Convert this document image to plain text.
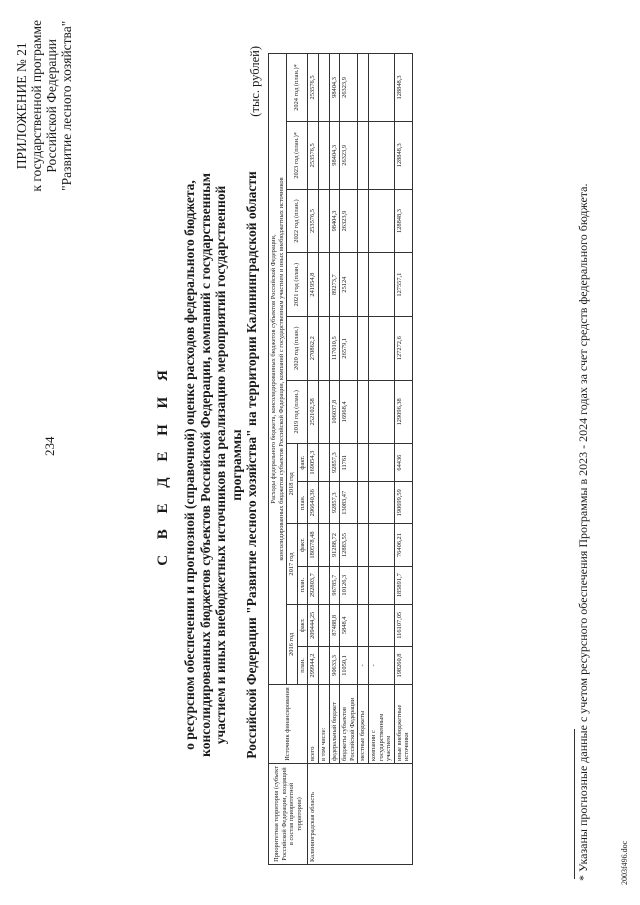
234
ПРИЛОЖЕНИЕ № 21 к государственной программе Российской Федерации "Развитие лесного хозяйства"
С В Е Д Е Н И Я о ресурсном обеспечении и прогнозной (справочной) оценке расходов федерального бюджета, консолидированных бюджетов субъектов Российской Федерации, компаний с государственным участием и иных внебюджетных источников на реализацию мероприятий государственной программы Российской Федерации "Развитие лесного хозяйства" на территории Калининградской области
(тыс. рублей)
Приоритетная территория (субъект Российской Федерации, входящий в состав приоритетной территории)	Источник финансирования	Расходы федерального бюджета, консолидированных бюджетов субъектов Российской Федерации,
консолидированных бюджетов субъектов Российской Федерации, компаний с государственным участием и иных внебюджетных источников											
		2016 год		2017 год		2018 год		2019 год (план.)	2020 год (план.)	2021 год (план.)	2022 год (план.)	2023 год (план.)*	2024 год (план.)*
		план.	факт.	план.	факт.	план.	факт.						
Калининградская область	всего	299944,2	209444,25	292803,7	180578,48	296640,36	169054,3	252102,58	270862,2	241954,8	253576,5	253576,5	253576,5
	в том числе:												
	федеральный бюджет	90633,3	87488,8	96785,7	91288,72	92857,3	92857,3	106037,8	117010,5	89273,7	98404,3	98404,3	98404,3
	бюджеты субъектов Российской Федерации	11050,1	5848,4	10126,3	12883,55	13083,47	11761	16968,4	26579,1	25124	26323,9	26323,9	26323,9
	местные бюджеты	-											
	компании с государственным участием	-											
	иные внебюджетные источники	198260,8	116107,05	185891,7	76406,21	190699,59	64436	129096,38	127272,6	127557,1	128848,3	128848,3	128848,3
* Указаны прогнозные данные с учетом ресурсного обеспечения Программы в 2023 - 2024 годах за счет средств федерального бюджета.	2003f496.doc
